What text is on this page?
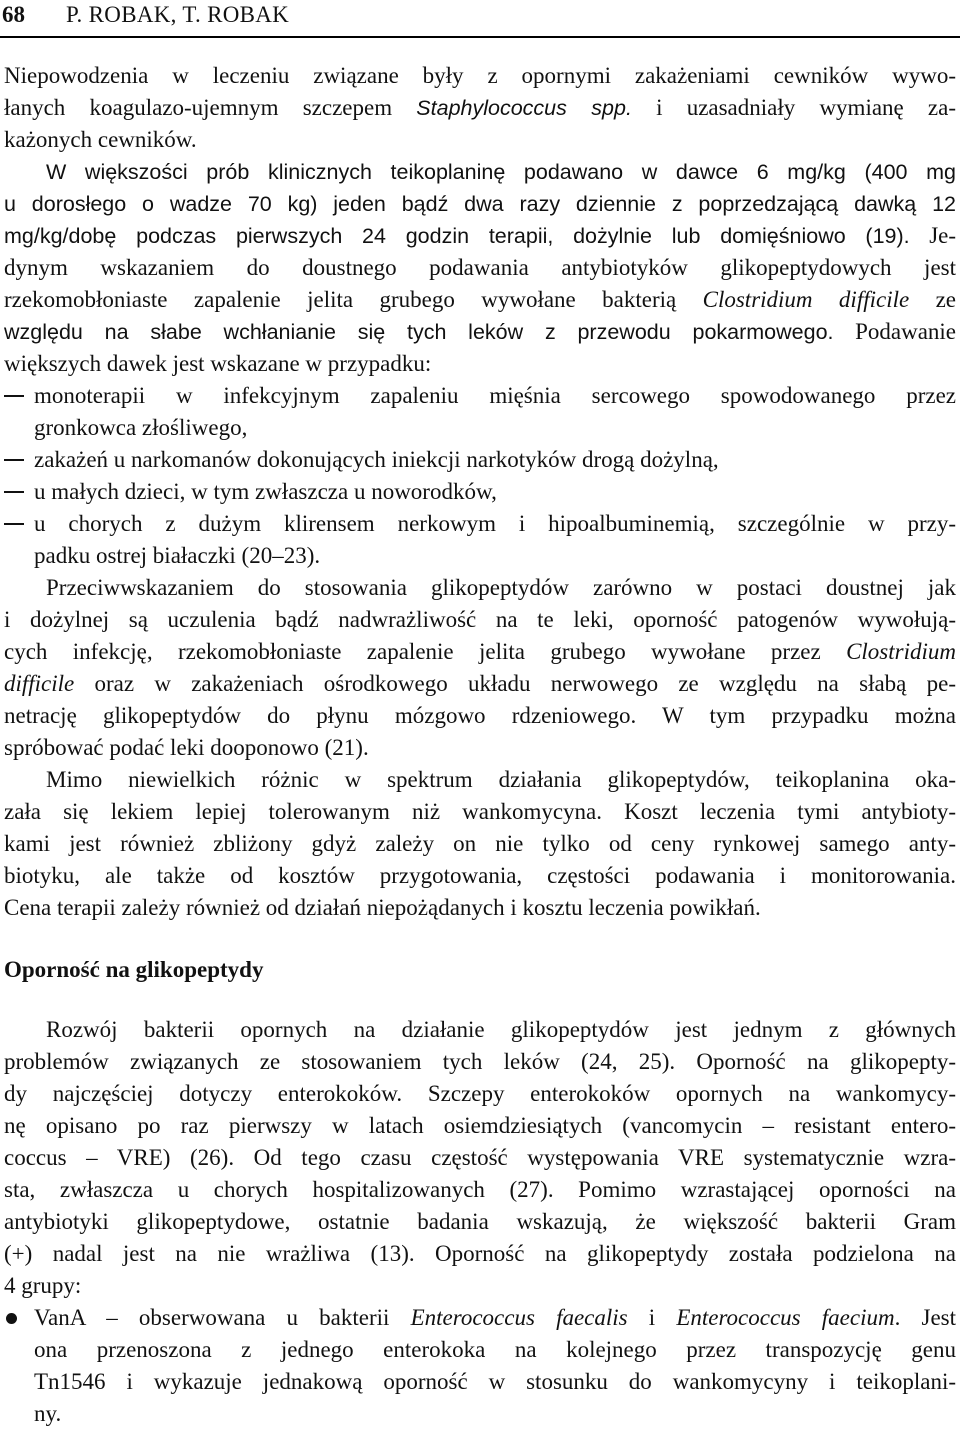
68 P. ROBAK, T. ROBAK
Niepowodzenia w leczeniu związane były z opornymi zakażeniami cewników wywo-
łanych koagulazo-ujemnym szczepem Staphylococcus spp. i uzasadniały wymianę za-
każonych cewników.
W większości prób klinicznych teikoplaninę podawano w dawce 6 mg/kg (400 mg
u dorosłego o wadze 70 kg) jeden bądź dwa razy dziennie z poprzedzającą dawką 12
mg/kg/dobę podczas pierwszych 24 godzin terapii, dożylnie lub domięśniowo (19). Je-
dynym wskazaniem do doustnego podawania antybiotyków glikopeptydowych jest
rzekomobłoniaste zapalenie jelita grubego wywołane bakterią Clostridium difficile ze
względu na słabe wchłanianie się tych leków z przewodu pokarmowego. Podawanie
większych dawek jest wskazane w przypadku:
monoterapii w infekcyjnym zapaleniu mięśnia sercowego spowodowanego przez
gronkowca złośliwego,
zakażeń u narkomanów dokonujących iniekcji narkotyków drogą dożylną,
u małych dzieci, w tym zwłaszcza u noworodków,
u chorych z dużym klirensem nerkowym i hipoalbuminemią, szczególnie w przy-
padku ostrej białaczki (20–23).
Przeciwwskazaniem do stosowania glikopeptydów zarówno w postaci doustnej jak
i dożylnej są uczulenia bądź nadwrażliwość na te leki, oporność patogenów wywołują-
cych infekcję, rzekomobłoniaste zapalenie jelita grubego wywołane przez Clostridium
difficile oraz w zakażeniach ośrodkowego układu nerwowego ze względu na słabą pe-
netrację glikopeptydów do płynu mózgowo rdzeniowego. W tym przypadku można
spróbować podać leki dooponowo (21).
Mimo niewielkich różnic w spektrum działania glikopeptydów, teikoplanina oka-
zała się lekiem lepiej tolerowanym niż wankomycyna. Koszt leczenia tymi antybioty-
kami jest również zbliżony gdyż zależy on nie tylko od ceny rynkowej samego anty-
biotyku, ale także od kosztów przygotowania, częstości podawania i monitorowania.
Cena terapii zależy również od działań niepożądanych i kosztu leczenia powikłań.
Oporność na glikopeptydy
Rozwój bakterii opornych na działanie glikopeptydów jest jednym z głównych
problemów związanych ze stosowaniem tych leków (24, 25). Oporność na glikopepty-
dy najczęściej dotyczy enterokoków. Szczepy enterokoków opornych na wankomycy-
nę opisano po raz pierwszy w latach osiemdziesiątych (vancomycin – resistant entero-
coccus – VRE) (26). Od tego czasu częstość występowania VRE systematycznie wzra-
sta, zwłaszcza u chorych hospitalizowanych (27). Pomimo wzrastającej oporności na
antybiotyki glikopeptydowe, ostatnie badania wskazują, że większość bakterii Gram
(+) nadal jest na nie wrażliwa (13). Oporność na glikopeptydy została podzielona na
4 grupy:
VanA – obserwowana u bakterii Enterococcus faecalis i Enterococcus faecium. Jest
ona przenoszona z jednego enterokoka na kolejnego przez transpozycję genu
Tn1546 i wykazuje jednakową oporność w stosunku do wankomycyny i teikoplani-
ny.
